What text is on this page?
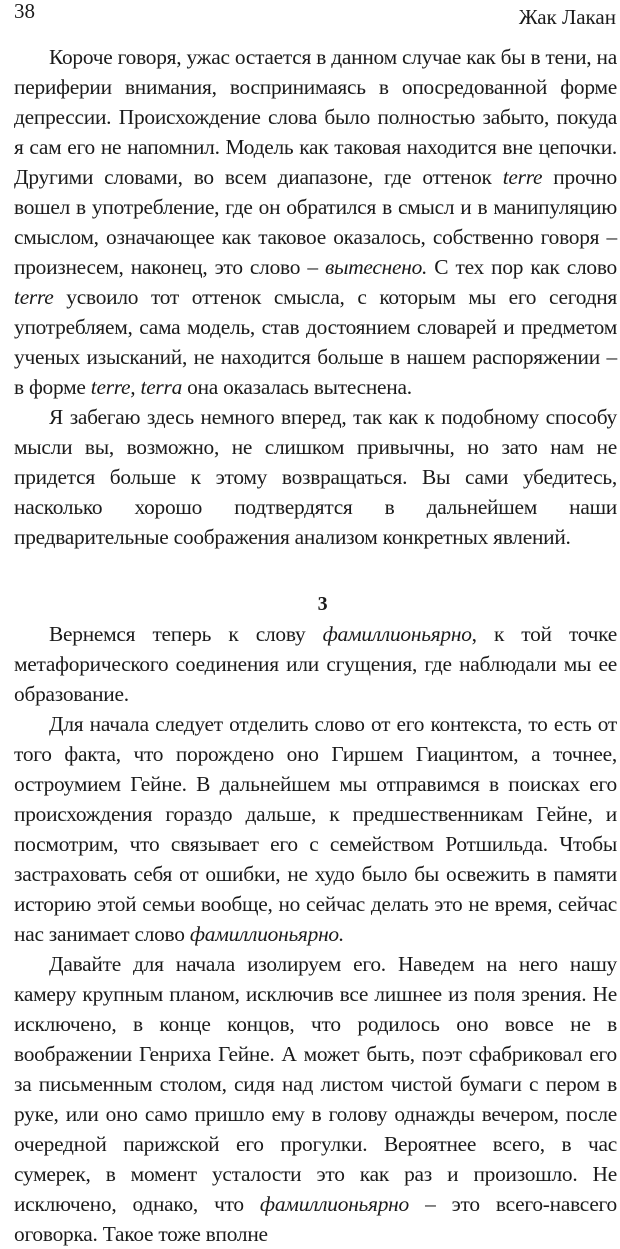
38	Жак Лакан

Короче говоря, ужас остается в данном случае как бы в тени, на периферии внимания, воспринимаясь в опосредованной форме депрессии. Происхождение слова было полностью забыто, покуда я сам его не напомнил. Модель как таковая находится вне цепочки. Другими словами, во всем диапазоне, где оттенок terre прочно вошел в употребление, где он обратился в смысл и в манипуляцию смыслом, означающее как таковое оказалось, собственно говоря – произнесем, наконец, это слово – вытеснено. С тех пор как слово terre усвоило тот оттенок смысла, с которым мы его сегодня употребляем, сама модель, став достоянием словарей и предметом ученых изысканий, не находится больше в нашем распоряжении – в форме terre, terra она оказалась вытеснена.

Я забегаю здесь немного вперед, так как к подобному способу мысли вы, возможно, не слишком привычны, но зато нам не придется больше к этому возвращаться. Вы сами убедитесь, насколько хорошо подтвердятся в дальнейшем наши предварительные соображения анализом конкретных явлений.

3

Вернемся теперь к слову фамиллионьярно, к той точке метафорического соединения или сгущения, где наблюдали мы ее образование.

Для начала следует отделить слово от его контекста, то есть от того факта, что порождено оно Гиршем Гиацинтом, а точнее, остроумием Гейне. В дальнейшем мы отправимся в поисках его происхождения гораздо дальше, к предшественникам Гейне, и посмотрим, что связывает его с семейством Ротшильда. Чтобы застраховать себя от ошибки, не худо было бы освежить в памяти историю этой семьи вообще, но сейчас делать это не время, сейчас нас занимает слово фамиллионьярно.

Давайте для начала изолируем его. Наведем на него нашу камеру крупным планом, исключив все лишнее из поля зрения. Не исключено, в конце концов, что родилось оно вовсе не в воображении Генриха Гейне. А может быть, поэт сфабриковал его за письменным столом, сидя над листом чистой бумаги с пером в руке, или оно само пришло ему в голову однажды вечером, после очередной парижской его прогулки. Вероятнее всего, в час сумерек, в момент усталости это как раз и произошло. Не исключено, однако, что фамиллионьярно – это всего-навсего оговорка. Такое тоже вполне
